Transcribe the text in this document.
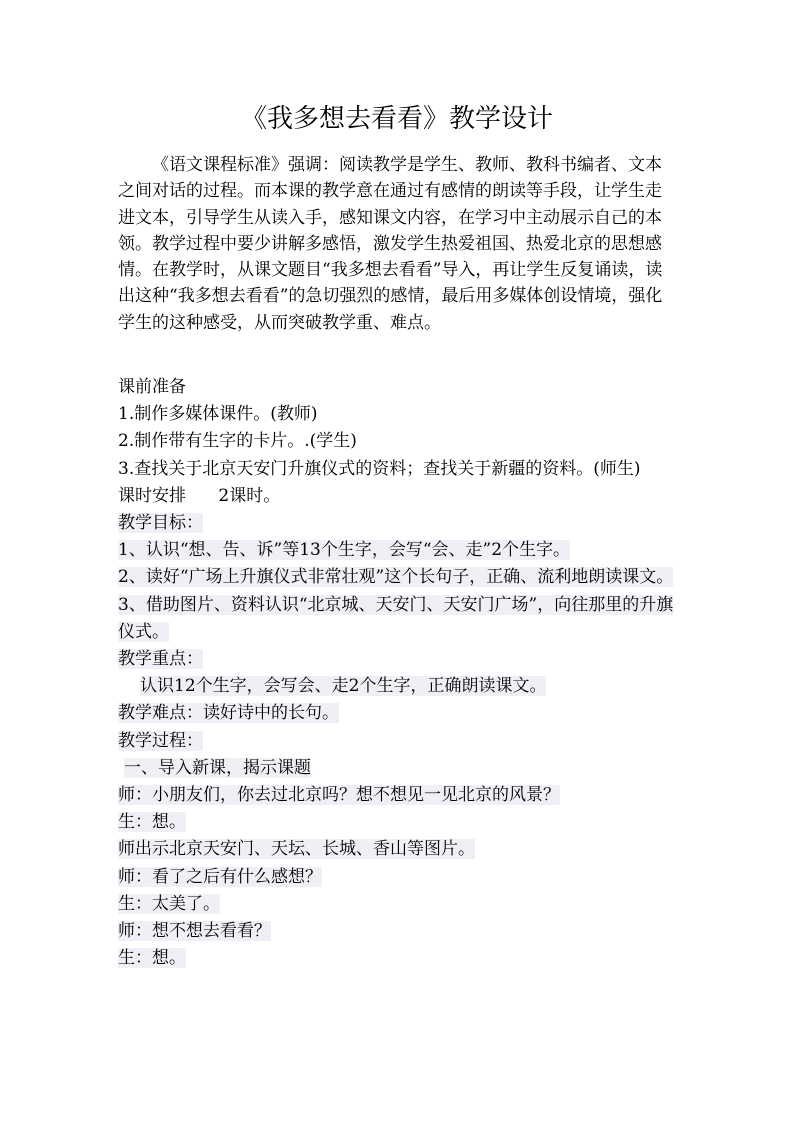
《我多想去看看》教学设计

《语文课程标准》强调：阅读教学是学生、教师、教科书编者、文本之间对话的过程。而本课的教学意在通过有感情的朗读等手段，让学生走进文本，引导学生从读入手，感知课文内容，在学习中主动展示自己的本领。教学过程中要少讲解多感悟，激发学生热爱祖国、热爱北京的思想感情。在教学时，从课文题目“我多想去看看”导入，再让学生反复诵读，读出这种“我多想去看看”的急切强烈的感情，最后用多媒体创设情境，强化学生的这种感受，从而突破教学重、难点。

课前准备
1.制作多媒体课件。(教师)
2.制作带有生字的卡片。.(学生)
3.查找关于北京天安门升旗仪式的资料；查找关于新疆的资料。(师生)
课时安排      2课时。
教学目标：
1、认识“想、告、诉”等13个生字，会写“会、走”2个生字。
2、读好“广场上升旗仪式非常壮观”这个长句子，正确、流利地朗读课文。
3、借助图片、资料认识“北京城、天安门、天安门广场”，向往那里的升旗仪式。
教学重点：
认识12个生字，会写会、走2个生字，正确朗读课文。
教学难点：读好诗中的长句。
教学过程：
一、导入新课，揭示课题
师：小朋友们，你去过北京吗？想不想见一见北京的风景？
生：想。
师出示北京天安门、天坛、长城、香山等图片。
师：看了之后有什么感想？
生：太美了。
师：想不想去看看？
生：想。
